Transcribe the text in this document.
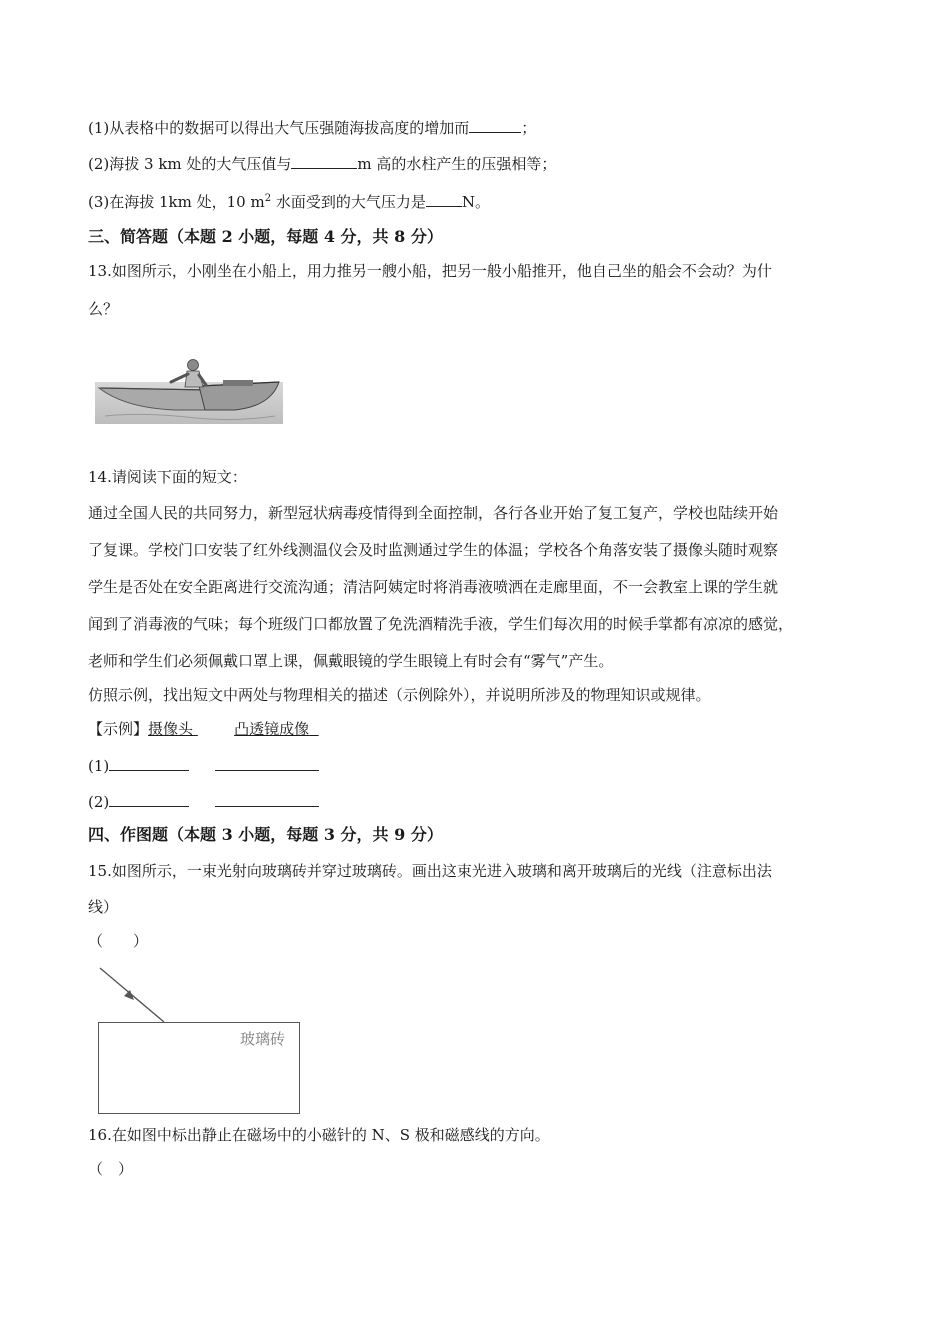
(1)从表格中的数据可以得出大气压强随海拔高度的增加而	；
(2)海拔 3 km 处的大气压值与	m 高的水柱产生的压强相等；
(3)在海拔 1km 处，10 $m^2$ 水面受到的大气压力是 N。
三、简答题（本题 2 小题，每题 4 分，共 8 分）
13.如图所示，小刚坐在小船上，用力推另一艘小船，把另一般小船推开，他自己坐的船会不会动？为什
么？
14.请阅读下面的短文：
通过全国人民的共同努力，新型冠状病毒疫情得到全面控制，各行各业开始了复工复产，学校也陆续开始
了复课。学校门口安装了红外线测温仪会及时监测通过学生的体温；学校各个角落安装了摄像头随时观察
学生是否处在安全距离进行交流沟通；清洁阿姨定时将消毒液喷洒在走廊里面，不一会教室上课的学生就
闻到了消毒液的气味；每个班级门口都放置了免洗酒精洗手液，学生们每次用的时候手掌都有凉凉的感觉，
老师和学生们必须佩戴口罩上课，佩戴眼镜的学生眼镜上有时会有“雾气”产生。
仿照示例，找出短文中两处与物理相关的描述（示例除外），并说明所涉及的物理知识或规律。
【示例】摄像头	凸透镜成像
(1)
(2)
四、作图题（本题 3 小题，每题 3 分，共 9 分）
15.如图所示，一束光射向玻璃砖并穿过玻璃砖。画出这束光进入玻璃和离开玻璃后的光线（注意标出法
线）
（　　）
玻璃砖
16.在如图中标出静止在磁场中的小磁针的 N、S 极和磁感线的方向。
（　）
